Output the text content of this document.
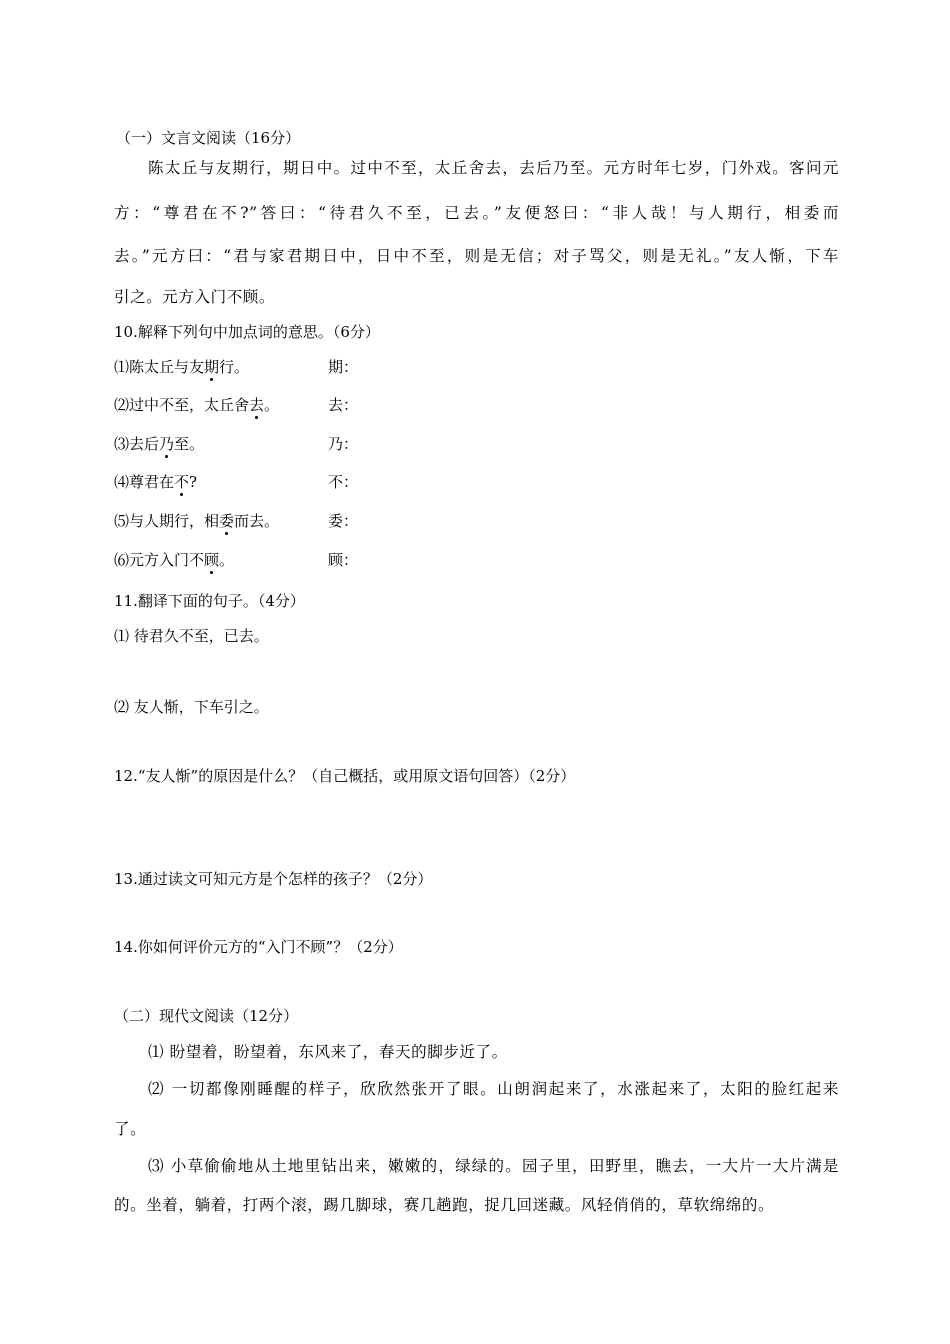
（一）文言文阅读（16分）
陈太丘与友期行，期日中。过中不至，太丘舍去，去后乃至。元方时年七岁，门外戏。客问元
方：“尊君在不?”答曰：“待君久不至，已去。”友便怒曰：“非人哉！与人期行，相委而
去。”元方曰：“君与家君期日中，日中不至，则是无信；对子骂父，则是无礼。”友人惭，下车
引之。元方入门不顾。
10.解释下列句中加点词的意思。（6分）
⑴陈太丘与友期行。	期：
⑵过中不至，太丘舍去。	去：
⑶去后乃至。	乃：
⑷尊君在不?	不：
⑸与人期行，相委而去。	委：
⑹元方入门不顾。	顾：
11.翻译下面的句子。（4分）
⑴ 待君久不至，已去。
⑵ 友人惭，下车引之。
12.“友人惭”的原因是什么？（自己概括，或用原文语句回答）（2分）
13.通过读文可知元方是个怎样的孩子？（2分）
14.你如何评价元方的“入门不顾”？（2分）
（二）现代文阅读（12分）
⑴ 盼望着，盼望着，东风来了，春天的脚步近了。
⑵ 一切都像刚睡醒的样子，欣欣然张开了眼。山朗润起来了，水涨起来了，太阳的脸红起来
了。
⑶ 小草偷偷地从土地里钻出来，嫩嫩的，绿绿的。园子里，田野里，瞧去，一大片一大片满是
的。坐着，躺着，打两个滚，踢几脚球，赛几趟跑，捉几回迷藏。风轻俏俏的，草软绵绵的。
